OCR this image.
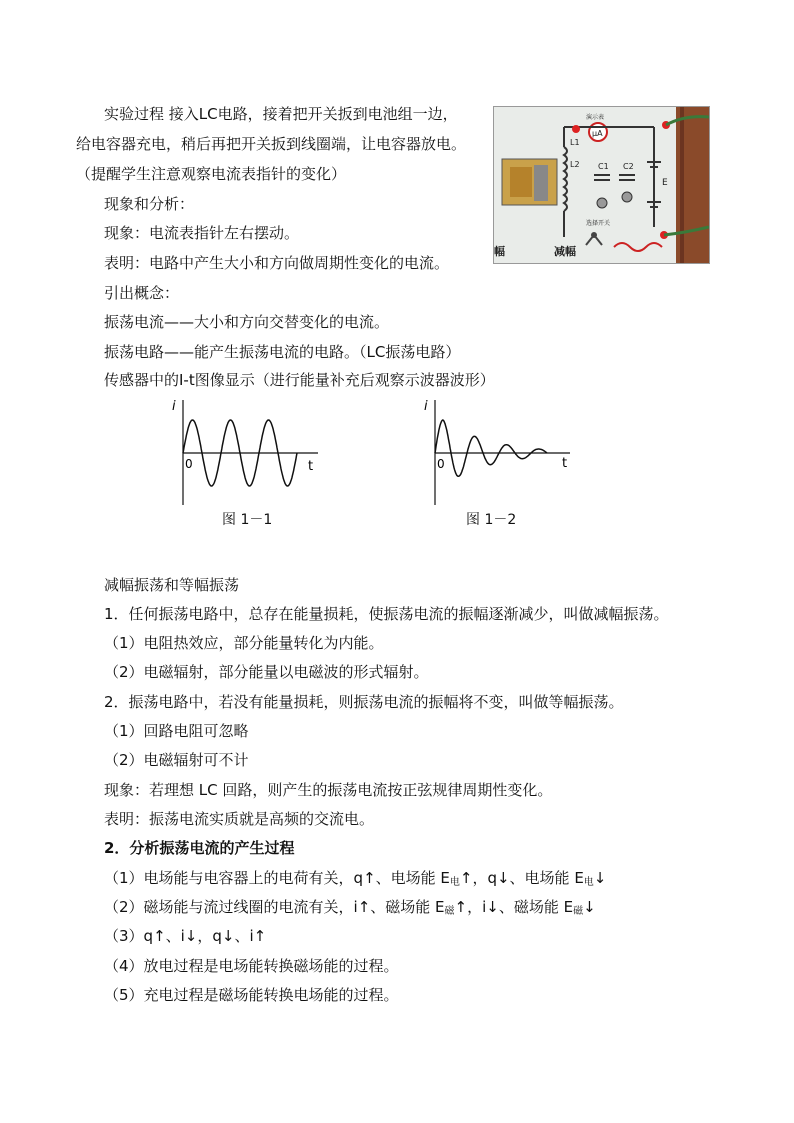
实验过程 接入LC电路，接着把开关扳到电池组一边，
给电容器充电，稍后再把开关扳到线圈端，让电容器放电。
（提醒学生注意观察电流表指针的变化）
现象和分析：
现象：电流表指针左右摆动。
表明：电路中产生大小和方向做周期性变化的电流。
引出概念：
振荡电流——大小和方向交替变化的电流。
振荡电路——能产生振荡电流的电路。（LC振荡电路）
传感器中的I-t图像显示（进行能量补充后观察示波器波形）
μA
演示表
C1 C2
L1
L2
E
选择开关
幅	减幅
i
t
0
图 1－1
i
t
0
图 1－2
减幅振荡和等幅振荡
1．任何振荡电路中，总存在能量损耗，使振荡电流的振幅逐渐减少，叫做减幅振荡。
（1）电阻热效应，部分能量转化为内能。
（2）电磁辐射，部分能量以电磁波的形式辐射。
2．振荡电路中，若没有能量损耗，则振荡电流的振幅将不变，叫做等幅振荡。
（1）回路电阻可忽略
（2）电磁辐射可不计
现象：若理想 LC 回路，则产生的振荡电流按正弦规律周期性变化。
表明：振荡电流实质就是高频的交流电。
2．分析振荡电流的产生过程
（1）电场能与电容器上的电荷有关，q↑、电场能 $E_电↑$，q↓、电场能 $E_电↓$
（2）磁场能与流过线圈的电流有关，i↑、磁场能 $E_磁↑$，i↓、磁场能 $E_磁↓$
（3）q↑、i↓，q↓、i↑
（4）放电过程是电场能转换磁场能的过程。
（5）充电过程是磁场能转换电场能的过程。
